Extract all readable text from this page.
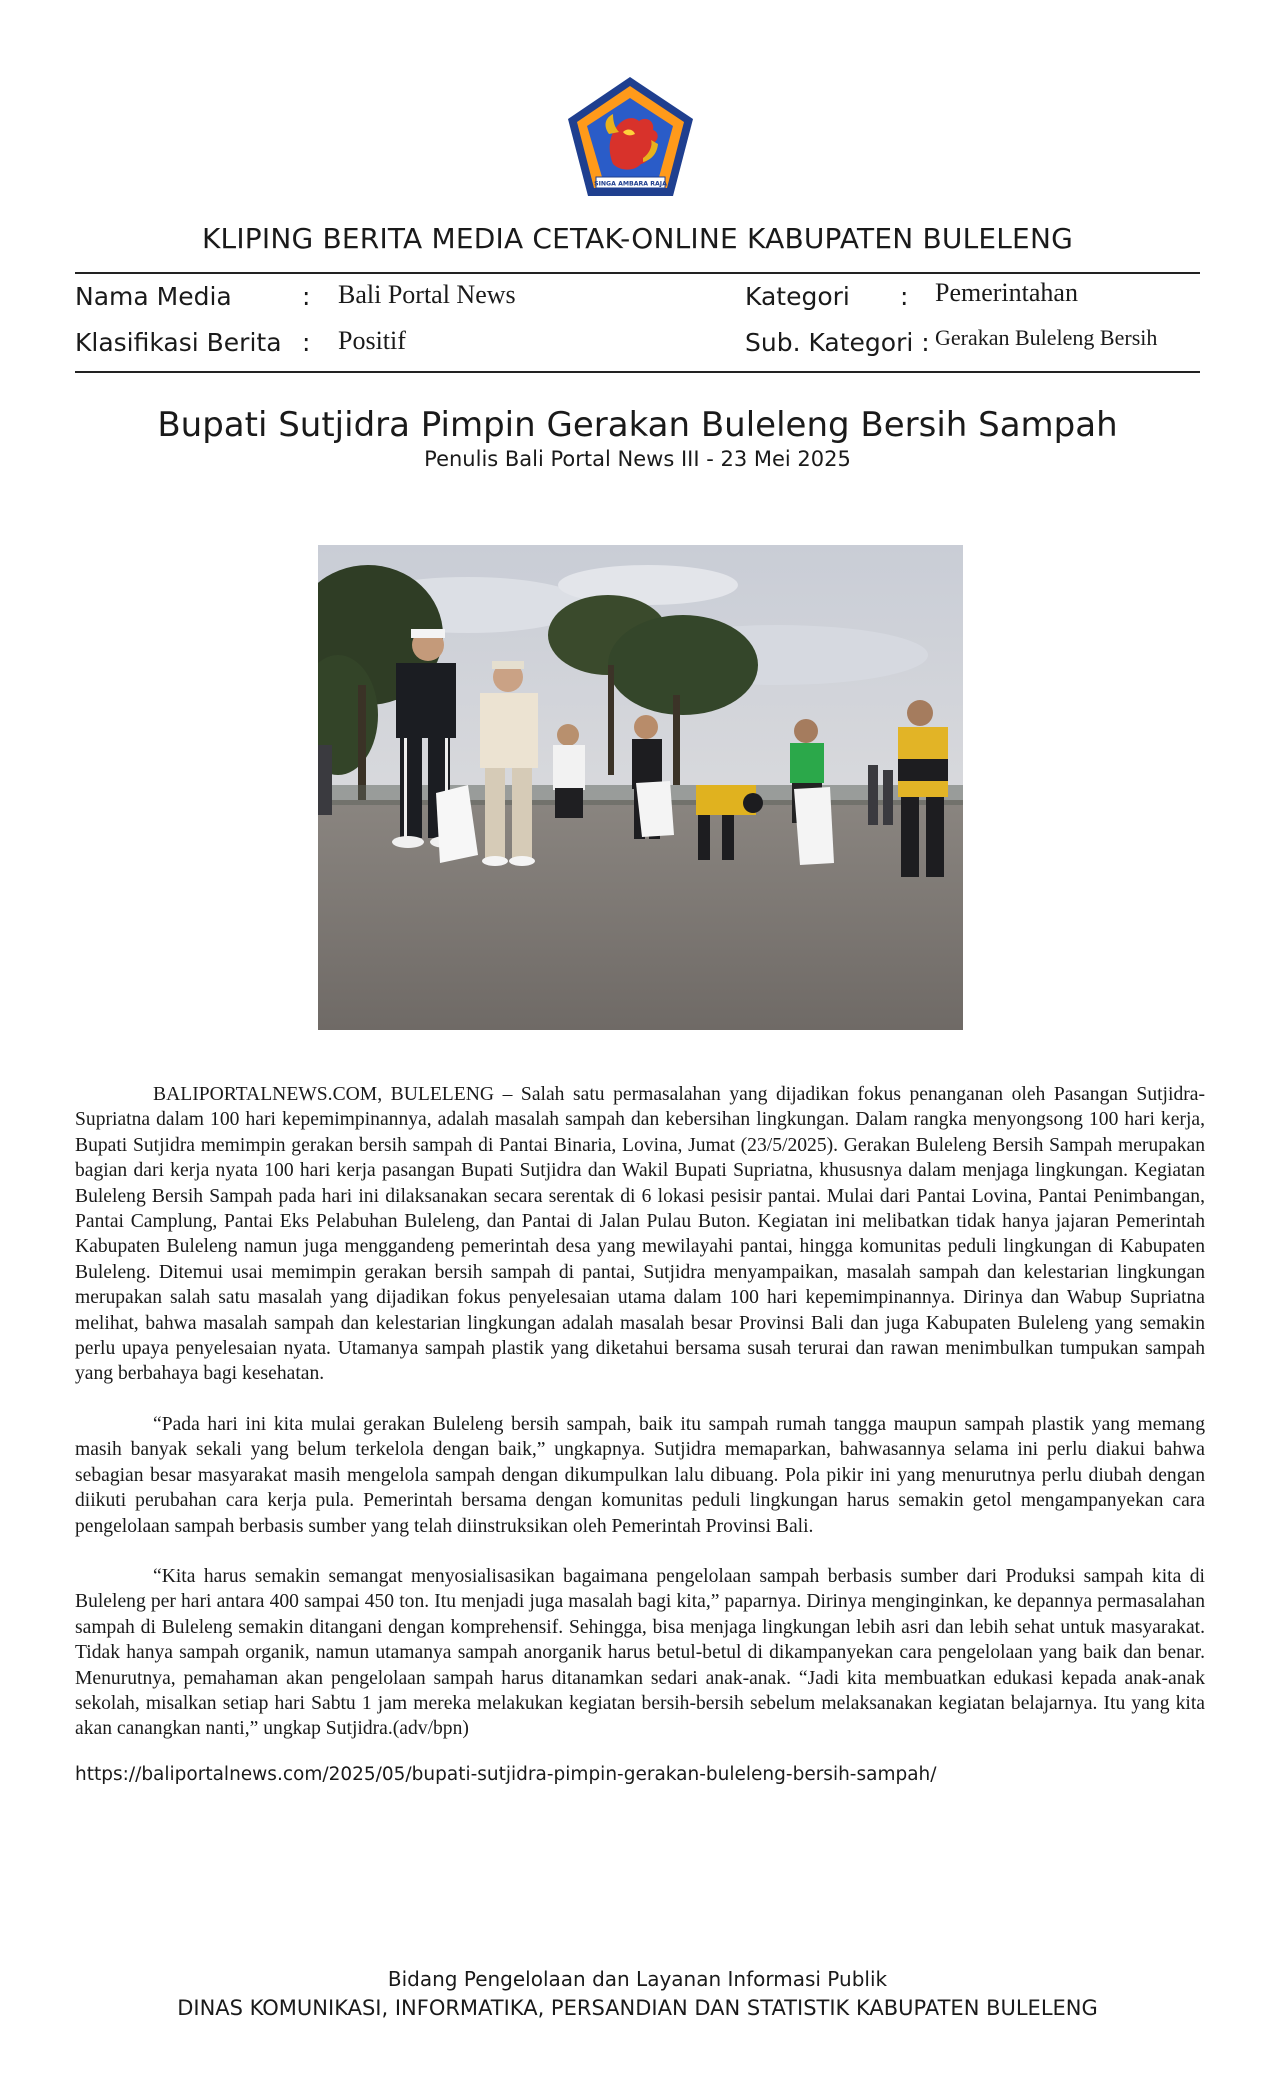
SINGA AMBARA RAJA
KLIPING BERITA MEDIA CETAK-ONLINE KABUPATEN BULELENG
Nama Media	: Bali Portal News
Klasifikasi Berita : Positif
Kategori : Pemerintahan
Sub. Kategori : Gerakan Buleleng Bersih
Bupati Sutjidra Pimpin Gerakan Buleleng Bersih Sampah
Penulis Bali Portal News III - 23 Mei 2025

BALIPORTALNEWS.COM, BULELENG – Salah satu permasalahan yang dijadikan fokus penanganan oleh Pasangan Sutjidra-Supriatna dalam 100 hari kepemimpinannya, adalah masalah sampah dan kebersihan lingkungan. Dalam rangka menyongsong 100 hari kerja, Bupati Sutjidra memimpin gerakan bersih sampah di Pantai Binaria, Lovina, Jumat (23/5/2025). Gerakan Buleleng Bersih Sampah merupakan bagian dari kerja nyata 100 hari kerja pasangan Bupati Sutjidra dan Wakil Bupati Supriatna, khususnya dalam menjaga lingkungan. Kegiatan Buleleng Bersih Sampah pada hari ini dilaksanakan secara serentak di 6 lokasi pesisir pantai. Mulai dari Pantai Lovina, Pantai Penimbangan, Pantai Camplung, Pantai Eks Pelabuhan Buleleng, dan Pantai di Jalan Pulau Buton. Kegiatan ini melibatkan tidak hanya jajaran Pemerintah Kabupaten Buleleng namun juga menggandeng pemerintah desa yang mewilayahi pantai, hingga komunitas peduli lingkungan di Kabupaten Buleleng. Ditemui usai memimpin gerakan bersih sampah di pantai, Sutjidra menyampaikan, masalah sampah dan kelestarian lingkungan merupakan salah satu masalah yang dijadikan fokus penyelesaian utama dalam 100 hari kepemimpinannya. Dirinya dan Wabup Supriatna melihat, bahwa masalah sampah dan kelestarian lingkungan adalah masalah besar Provinsi Bali dan juga Kabupaten Buleleng yang semakin perlu upaya penyelesaian nyata. Utamanya sampah plastik yang diketahui bersama susah terurai dan rawan menimbulkan tumpukan sampah yang berbahaya bagi kesehatan.

“Pada hari ini kita mulai gerakan Buleleng bersih sampah, baik itu sampah rumah tangga maupun sampah plastik yang memang masih banyak sekali yang belum terkelola dengan baik,” ungkapnya. Sutjidra memaparkan, bahwasannya selama ini perlu diakui bahwa sebagian besar masyarakat masih mengelola sampah dengan dikumpulkan lalu dibuang. Pola pikir ini yang menurutnya perlu diubah dengan diikuti perubahan cara kerja pula. Pemerintah bersama dengan komunitas peduli lingkungan harus semakin getol mengampanyekan cara pengelolaan sampah berbasis sumber yang telah diinstruksikan oleh Pemerintah Provinsi Bali.

“Kita harus semakin semangat menyosialisasikan bagaimana pengelolaan sampah berbasis sumber dari Produksi sampah kita di Buleleng per hari antara 400 sampai 450 ton. Itu menjadi juga masalah bagi kita,” paparnya. Dirinya menginginkan, ke depannya permasalahan sampah di Buleleng semakin ditangani dengan komprehensif. Sehingga, bisa menjaga lingkungan lebih asri dan lebih sehat untuk masyarakat. Tidak hanya sampah organik, namun utamanya sampah anorganik harus betul-betul di dikampanyekan cara pengelolaan yang baik dan benar. Menurutnya, pemahaman akan pengelolaan sampah harus ditanamkan sedari anak-anak. “Jadi kita membuatkan edukasi kepada anak-anak sekolah, misalkan setiap hari Sabtu 1 jam mereka melakukan kegiatan bersih-bersih sebelum melaksanakan kegiatan belajarnya. Itu yang kita akan canangkan nanti,” ungkap Sutjidra.(adv/bpn)

https://baliportalnews.com/2025/05/bupati-sutjidra-pimpin-gerakan-buleleng-bersih-sampah/
Bidang Pengelolaan dan Layanan Informasi Publik
DINAS KOMUNIKASI, INFORMATIKA, PERSANDIAN DAN STATISTIK KABUPATEN BULELENG
